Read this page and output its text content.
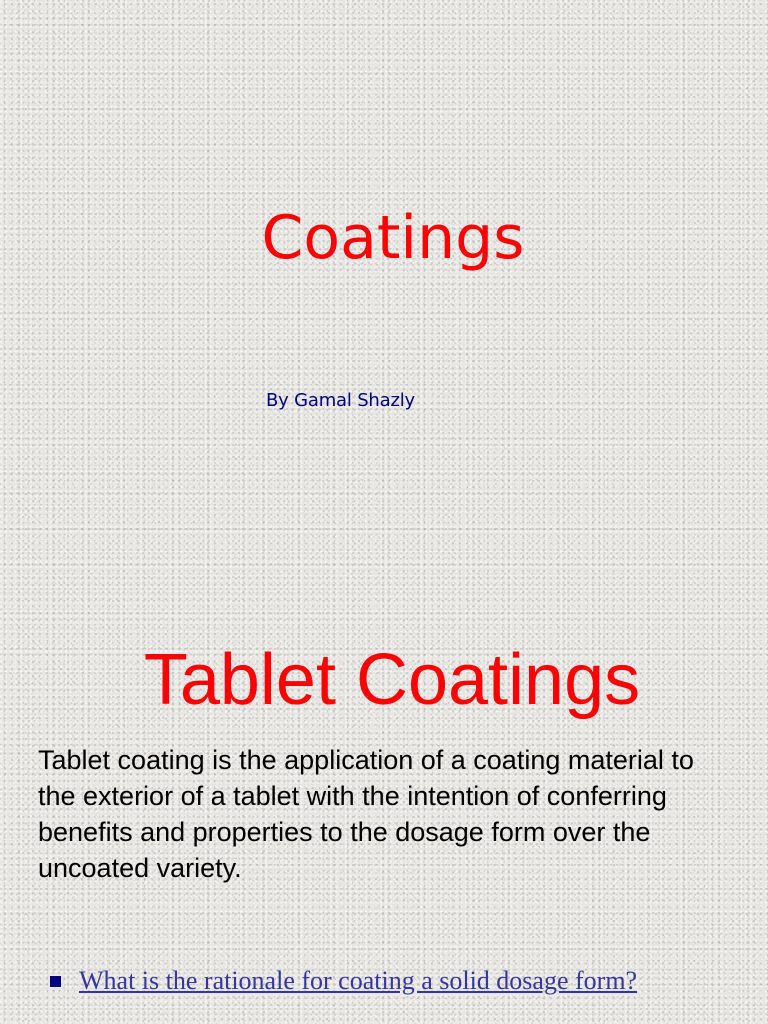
Coatings
By Gamal Shazly
Tablet Coatings

Tablet coating is the application of a coating material to the exterior of a tablet with the intention of conferring benefits and properties to the dosage form over the uncoated variety.

What is the rationale for coating a solid dosage form?
